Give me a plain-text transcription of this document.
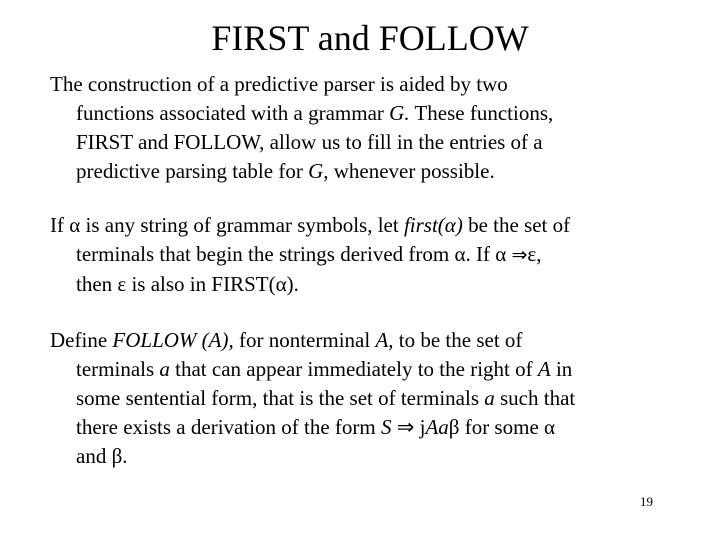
FIRST and FOLLOW
The construction of a predictive parser is aided by two
functions associated with a grammar G. These functions,
FIRST and FOLLOW, allow us to fill in the entries of a
predictive parsing table for G, whenever possible.
If α is any string of grammar symbols, let first(α) be the set of
terminals that begin the strings derived from α. If α ⇒ε,
then ε is also in FIRST(α).
Define FOLLOW (A), for nonterminal A, to be the set of
terminals a that can appear immediately to the right of A in
some sentential form, that is the set of terminals a such that
there exists a derivation of the form S ⇒ jAaβ for some α
and β.
19
